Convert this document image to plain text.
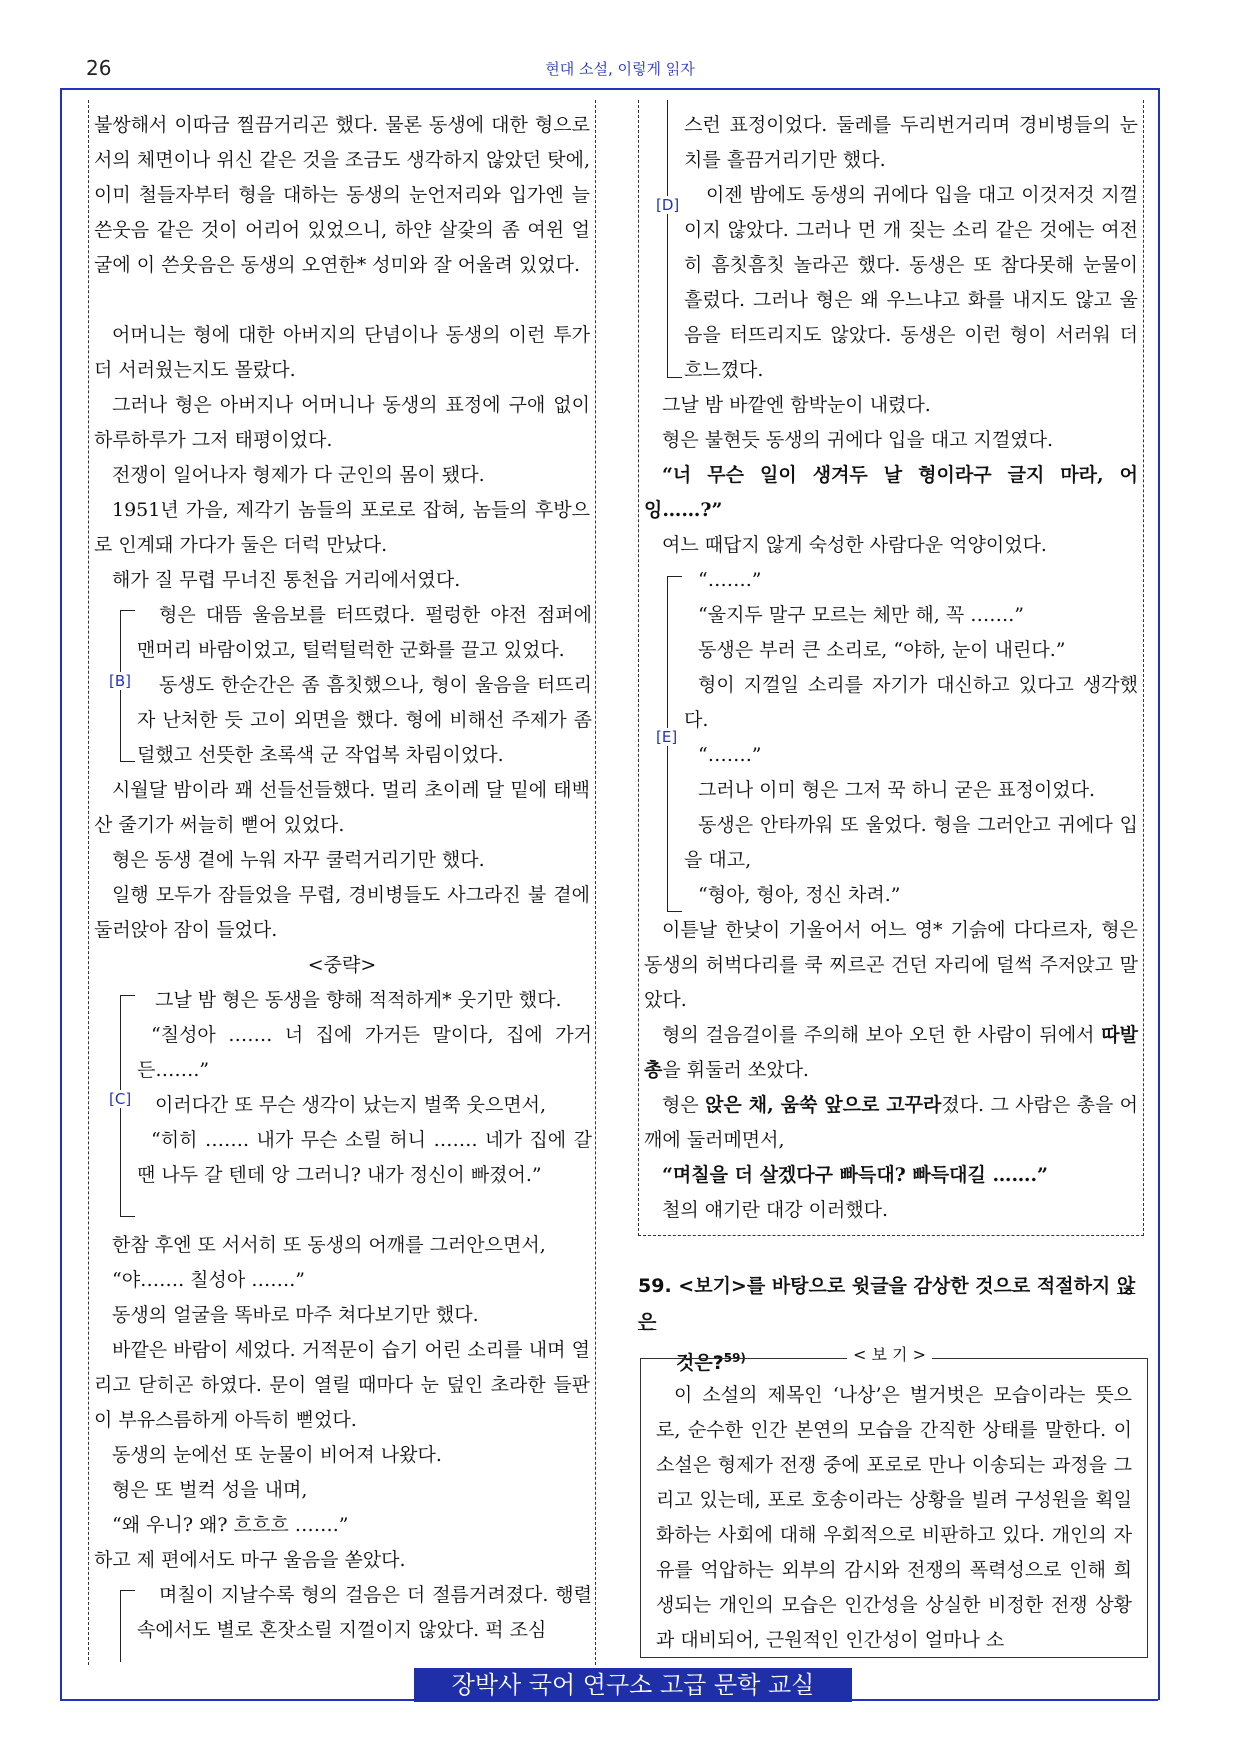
26	현대 소설, 이렇게 읽자

불쌍해서 이따금 찔끔거리곤 했다. 물론 동생에 대한 형으로서의 체면이나 위신 같은 것을 조금도 생각하지 않았던 탓에, 이미 철들자부터 형을 대하는 동생의 눈언저리와 입가엔 늘 쓴웃음 같은 것이 어리어 있었으니, 하얀 살갗의 좀 여윈 얼굴에 이 쓴웃음은 동생의 오연한* 성미와 잘 어울려 있었다.

어머니는 형에 대한 아버지의 단념이나 동생의 이런 투가 더 서러웠는지도 몰랐다.

그러나 형은 아버지나 어머니나 동생의 표정에 구애 없이 하루하루가 그저 태평이었다.

전쟁이 일어나자 형제가 다 군인의 몸이 됐다.

1951년 가을, 제각기 놈들의 포로로 잡혀, 놈들의 후방으로 인계돼 가다가 둘은 더럭 만났다.

해가 질 무렵 무너진 통천읍 거리에서였다.

[B]

형은 대뜸 울음보를 터뜨렸다. 펄렁한 야전 점퍼에 맨머리 바람이었고, 털럭털럭한 군화를 끌고 있었다.

동생도 한순간은 좀 흠칫했으나, 형이 울음을 터뜨리자 난처한 듯 고이 외면을 했다. 형에 비해선 주제가 좀 덜했고 선뜻한 초록색 군 작업복 차림이었다.

시월달 밤이라 꽤 선들선들했다. 멀리 초이레 달 밑에 태백산 줄기가 써늘히 뻗어 있었다.

형은 동생 곁에 누워 자꾸 쿨럭거리기만 했다.

일행 모두가 잠들었을 무렵, 경비병들도 사그라진 불 곁에 둘러앉아 잠이 들었다.

<중략>

[C]

그날 밤 형은 동생을 향해 적적하게* 웃기만 했다.

“칠성아 ……. 너 집에 가거든 말이다, 집에 가거든…….”

이러다간 또 무슨 생각이 났는지 벌쭉 웃으면서,

“히히 ……. 내가 무슨 소릴 허니 ……. 네가 집에 갈 땐 나두 갈 텐데 앙 그러니? 내가 정신이 빠졌어.”

한참 후엔 또 서서히 또 동생의 어깨를 그러안으면서,

“야……. 칠성아 …….”

동생의 얼굴을 똑바로 마주 쳐다보기만 했다.

바깥은 바람이 세었다. 거적문이 습기 어린 소리를 내며 열리고 닫히곤 하였다. 문이 열릴 때마다 눈 덮인 초라한 들판이 부유스름하게 아득히 뻗었다.

동생의 눈에선 또 눈물이 비어져 나왔다.

형은 또 벌컥 성을 내며,

“왜 우니? 왜? 흐흐흐 …….”

하고 제 편에서도 마구 울음을 쏟았다.

며칠이 지날수록 형의 걸음은 더 절름거려졌다. 행렬 속에서도 별로 혼잣소릴 지껄이지 않았다. 퍽 조심

[D]

스런 표정이었다. 둘레를 두리번거리며 경비병들의 눈치를 흘끔거리기만 했다.

이젠 밤에도 동생의 귀에다 입을 대고 이것저것 지껄이지 않았다. 그러나 먼 개 짖는 소리 같은 것에는 여전히 흠칫흠칫 놀라곤 했다. 동생은 또 참다못해 눈물이 흘렀다. 그러나 형은 왜 우느냐고 화를 내지도 않고 울음을 터뜨리지도 않았다. 동생은 이런 형이 서러워 더 흐느꼈다.

그날 밤 바깥엔 함박눈이 내렸다.

형은 불현듯 동생의 귀에다 입을 대고 지껄였다.

“너 무슨 일이 생겨두 날 형이라구 글지 마라, 어잉……?”

여느 때답지 않게 숙성한 사람다운 억양이었다.

[E]

“…….”

“울지두 말구 모르는 체만 해, 꼭 …….”

동생은 부러 큰 소리로, “야하, 눈이 내린다.”

형이 지껄일 소리를 자기가 대신하고 있다고 생각했다.

“…….”

그러나 이미 형은 그저 꾹 하니 굳은 표정이었다.

동생은 안타까워 또 울었다. 형을 그러안고 귀에다 입을 대고,

“형아, 형아, 정신 차려.”

이튿날 한낮이 기울어서 어느 영* 기슭에 다다르자, 형은 동생의 허벅다리를 쿡 찌르곤 건던 자리에 덜썩 주저앉고 말았다.

형의 걸음걸이를 주의해 보아 오던 한 사람이 뒤에서 따발총을 휘둘러 쏘았다.

형은 앉은 채, 움쑥 앞으로 고꾸라졌다. 그 사람은 총을 어깨에 둘러메면서,

“며칠을 더 살겠다구 빠득대? 빠득대길 …….”

철의 얘기란 대강 이러했다.

59. <보기>를 바탕으로 윗글을 감상한 것으로 적절하지 않은
것은?$^{59)}$	< 보 기 >

이 소설의 제목인 ‘나상’은 벌거벗은 모습이라는 뜻으로, 순수한 인간 본연의 모습을 간직한 상태를 말한다. 이 소설은 형제가 전쟁 중에 포로로 만나 이송되는 과정을 그리고 있는데, 포로 호송이라는 상황을 빌려 구성원을 획일화하는 사회에 대해 우회적으로 비판하고 있다. 개인의 자유를 억압하는 외부의 감시와 전쟁의 폭력성으로 인해 희생되는 개인의 모습은 인간성을 상실한 비정한 전쟁 상황과 대비되어, 근원적인 인간성이 얼마나 소

장박사 국어 연구소 고급 문학 교실
